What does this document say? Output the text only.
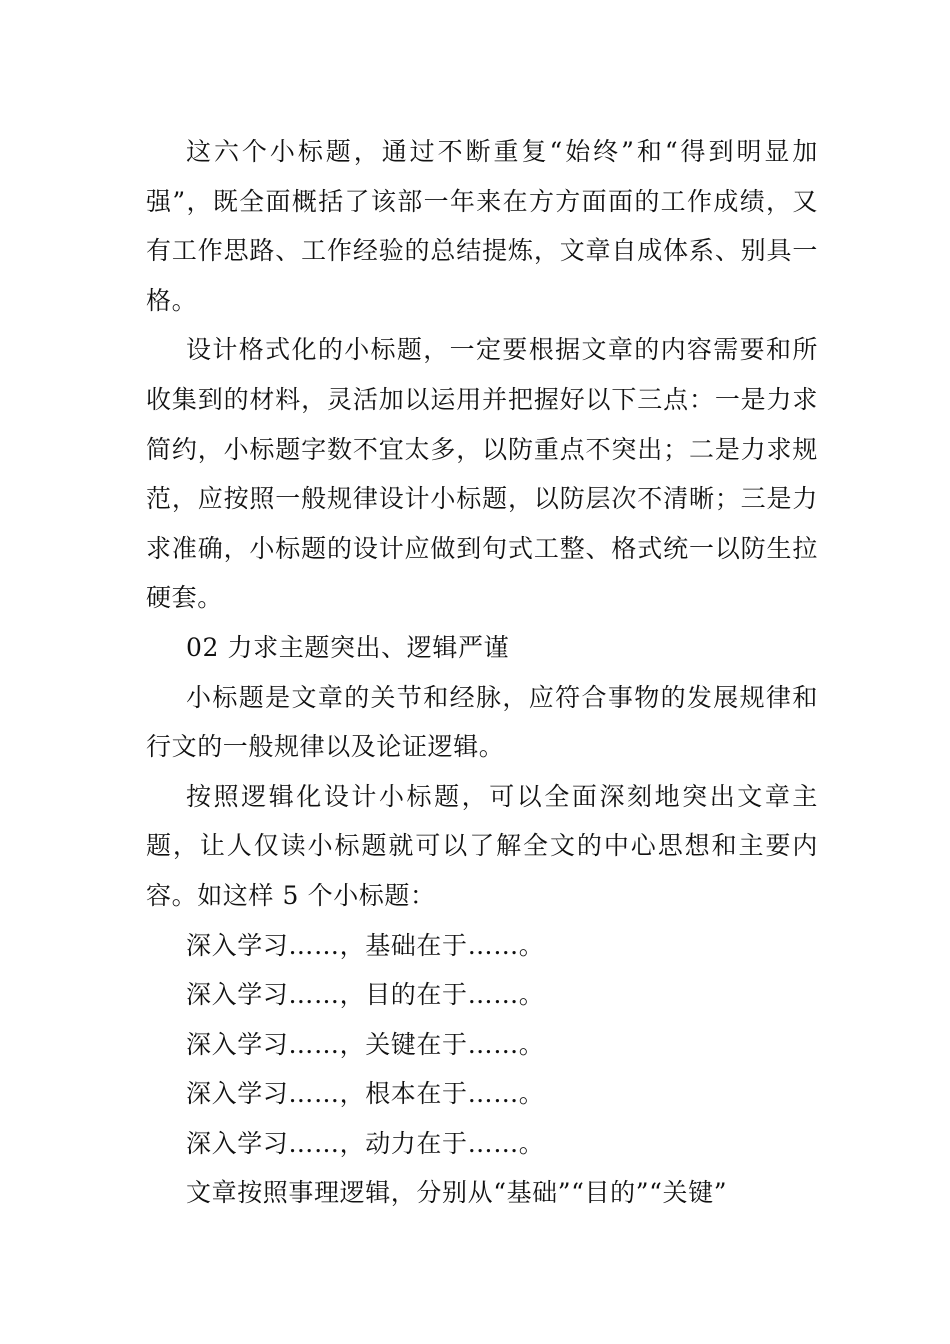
这六个小标题，通过不断重复“始终”和“得到明显加强”，既全面概括了该部一年来在方方面面的工作成绩，又有工作思路、工作经验的总结提炼，文章自成体系、别具一格。

设计格式化的小标题，一定要根据文章的内容需要和所收集到的材料，灵活加以运用并把握好以下三点：一是力求简约，小标题字数不宜太多，以防重点不突出；二是力求规范，应按照一般规律设计小标题，以防层次不清晰；三是力求准确，小标题的设计应做到句式工整、格式统一以防生拉硬套。

02 力求主题突出、逻辑严谨

小标题是文章的关节和经脉，应符合事物的发展规律和行文的一般规律以及论证逻辑。

按照逻辑化设计小标题，可以全面深刻地突出文章主题，让人仅读小标题就可以了解全文的中心思想和主要内容。如这样 5 个小标题：

深入学习……，基础在于……。

深入学习……，目的在于……。

深入学习……，关键在于……。

深入学习……，根本在于……。

深入学习……，动力在于……。

文章按照事理逻辑，分别从“基础”“目的”“关键”
